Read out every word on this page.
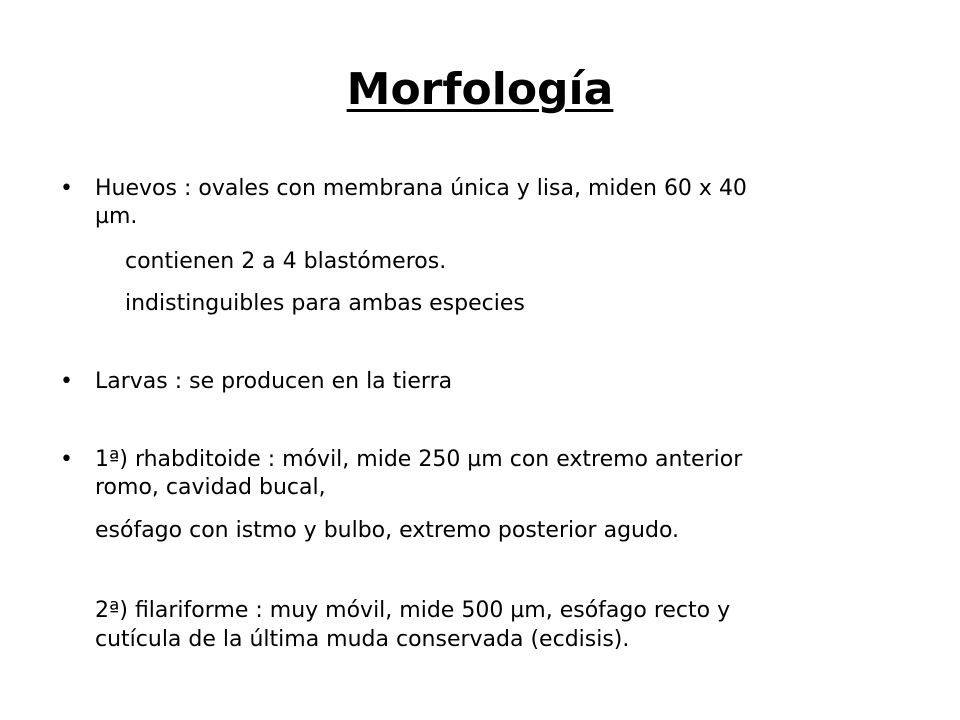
Morfología
• Huevos : ovales con membrana única y lisa, miden 60 x 40
µm.
contienen 2 a 4 blastómeros.
indistinguibles para ambas especies
• Larvas : se producen en la tierra
• 1ª) rhabditoide : móvil, mide 250 µm con extremo anterior
romo, cavidad bucal,
esófago con istmo y bulbo, extremo posterior agudo.
2ª) filariforme : muy móvil, mide 500 µm, esófago recto y
cutícula de la última muda conservada (ecdisis).
